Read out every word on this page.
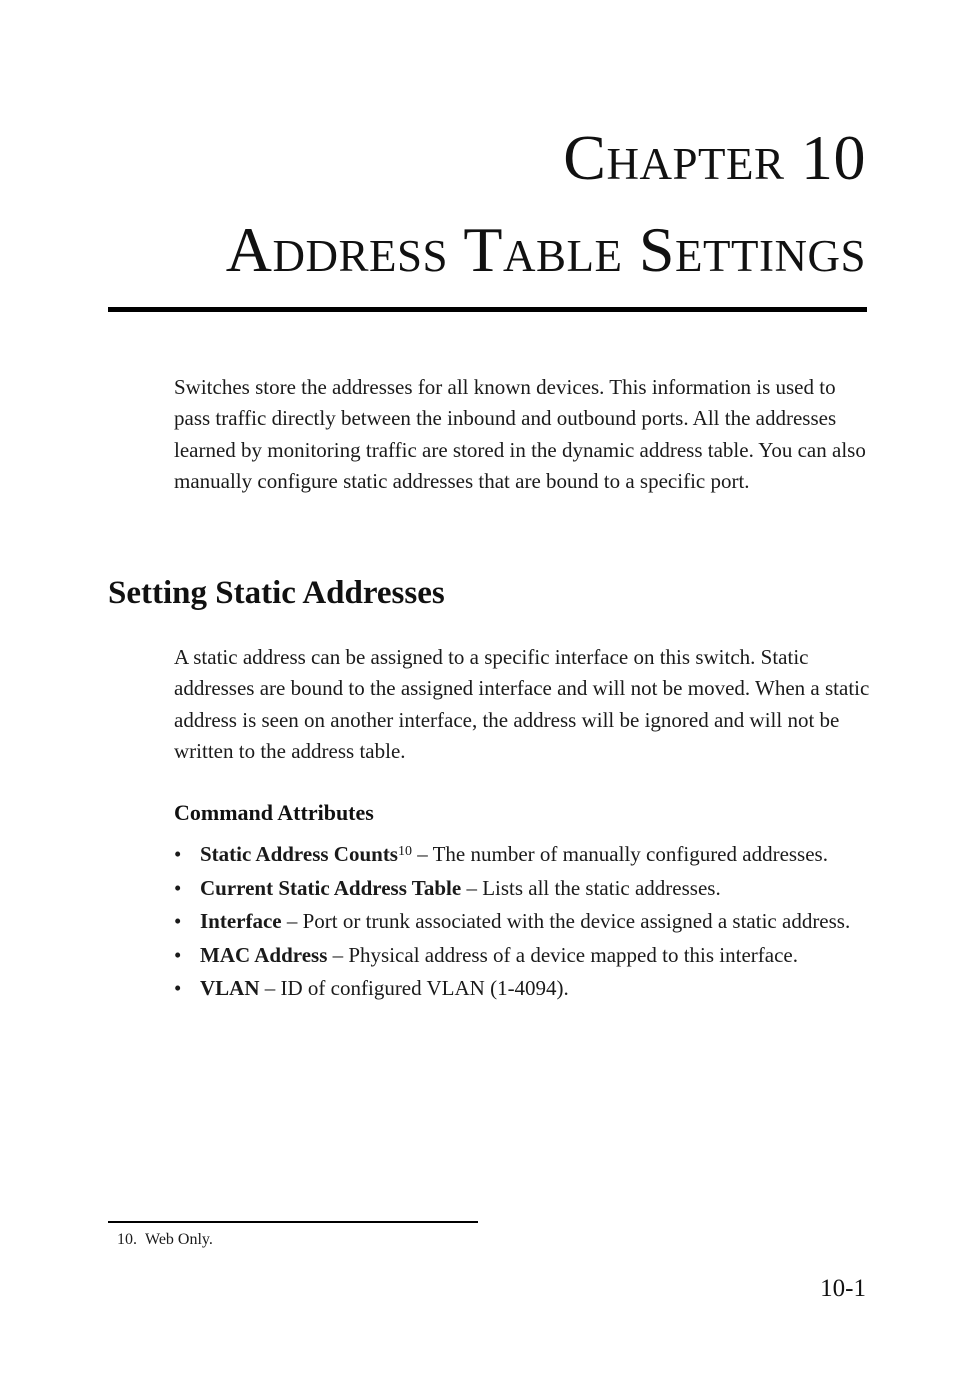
Chapter 10
Address Table Settings

Switches store the addresses for all known devices. This information is used to pass traffic directly between the inbound and outbound ports. All the addresses learned by monitoring traffic are stored in the dynamic address table. You can also manually configure static addresses that are bound to a specific port.

Setting Static Addresses

A static address can be assigned to a specific interface on this switch. Static addresses are bound to the assigned interface and will not be moved. When a static address is seen on another interface, the address will be ignored and will not be written to the address table.

Command Attributes
• Static Address Counts$^{10}$ – The number of manually configured addresses.
• Current Static Address Table – Lists all the static addresses.
• Interface – Port or trunk associated with the device assigned a static address.
• MAC Address – Physical address of a device mapped to this interface.
• VLAN – ID of configured VLAN (1-4094).

10. Web Only.

10-1
